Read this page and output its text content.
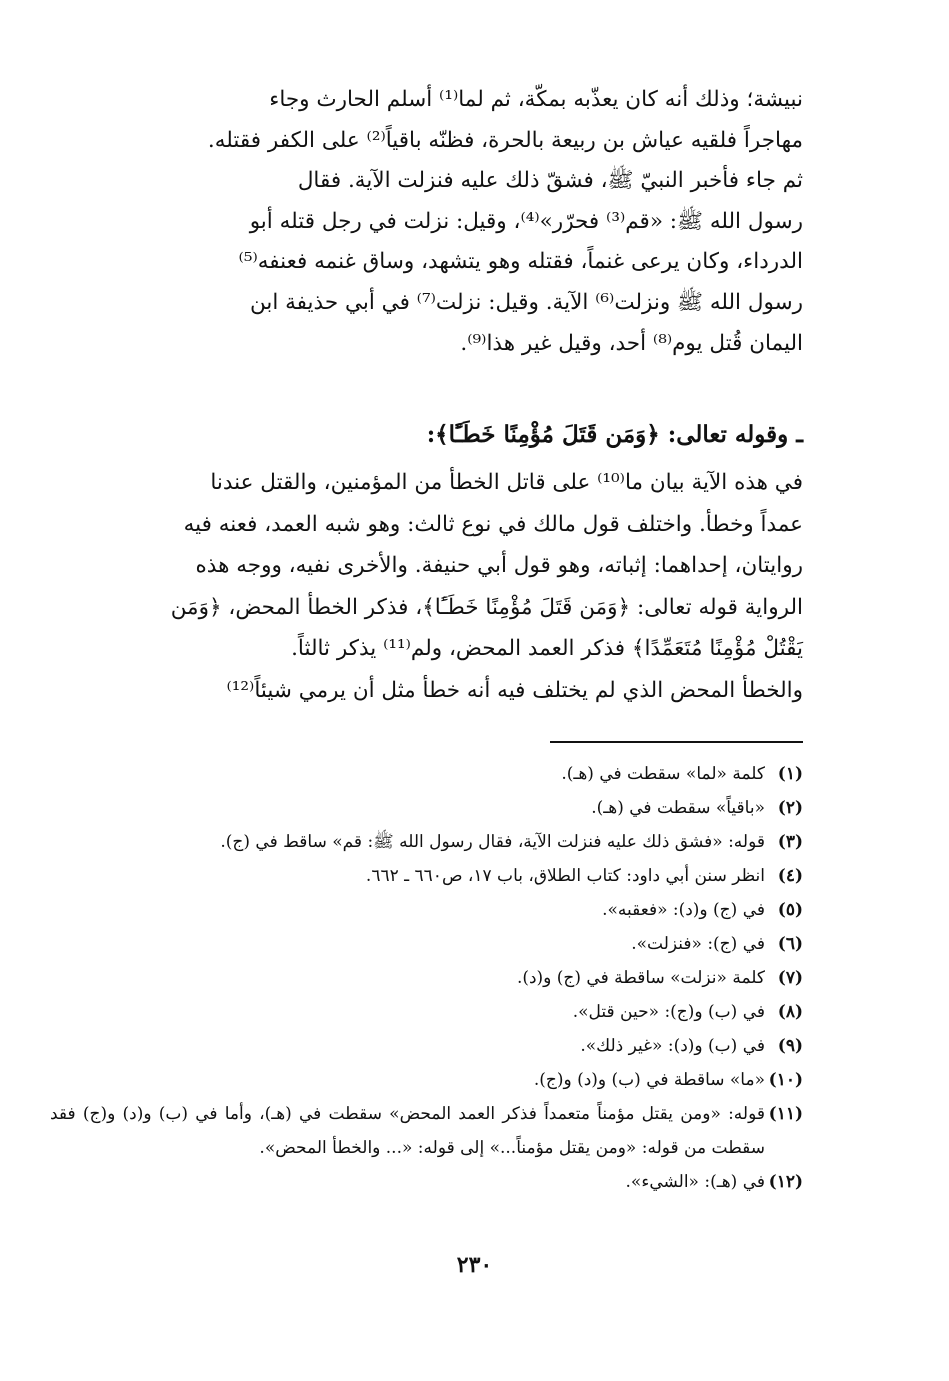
نبيشة؛ وذلك أنه كان يعذّبه بمكّة، ثم لما⁽¹⁾ أسلم الحارث وجاء

مهاجراً فلقيه عياش بن ربيعة بالحرة، فظنّه باقياً⁽²⁾ على الكفر فقتله.

ثم جاء فأخبر النبيّ ﷺ، فشقّ ذلك عليه فنزلت الآية. فقال

رسول الله ﷺ: «قم⁽³⁾ فحرّر»⁽⁴⁾، وقيل: نزلت في رجل قتله أبو

الدرداء، وكان يرعى غنماً، فقتله وهو يتشهد، وساق غنمه فعنفه⁽⁵⁾

رسول الله ﷺ ونزلت⁽⁶⁾ الآية. وقيل: نزلت⁽⁷⁾ في أبي حذيفة ابن

اليمان قُتل يوم⁽⁸⁾ أحد، وقيل غير هذا⁽⁹⁾.

ـ وقوله تعالى: ﴿وَمَن قَتَلَ مُؤْمِنًا خَطَـًٔا﴾:

في هذه الآية بيان ما⁽¹⁰⁾ على قاتل الخطأ من المؤمنين، والقتل عندنا

عمداً وخطأ. واختلف قول مالك في نوع ثالث: وهو شبه العمد، فعنه فيه

روايتان، إحداهما: إثباته، وهو قول أبي حنيفة. والأخرى نفيه، ووجه هذه

الرواية قوله تعالى: ﴿وَمَن قَتَلَ مُؤْمِنًا خَطَـًٔا﴾، فذكر الخطأ المحض، ﴿وَمَن

يَقْتُلْ مُؤْمِنًا مُتَعَمِّدًا﴾ فذكر العمد المحض، ولم⁽¹¹⁾ يذكر ثالثاً.

والخطأ المحض الذي لم يختلف فيه أنه خطأ مثل أن يرمي شيئاً⁽¹²⁾

(١)
كلمة «لما» سقطت في (هـ).
(٢)
«باقياً» سقطت في (هـ).
(٣)
قوله: «فشق ذلك عليه فنزلت الآية، فقال رسول الله ﷺ: قم» ساقط في (ج).
(٤)
انظر سنن أبي داود: كتاب الطلاق، باب ١٧، ص٦٦٠ ـ ٦٦٢.
(٥)
في (ج) و(د): «فعقبه».
(٦)
في (ج): «فنزلت».
(٧)
كلمة «نزلت» ساقطة في (ج) و(د).
(٨)
في (ب) و(ج): «حين قتل».
(٩)
في (ب) و(د): «غير ذلك».
(١٠)
«ما» ساقطة في (ب) و(د) و(ج).
(١١)
قوله: «ومن يقتل مؤمناً متعمداً فذكر العمد المحض» سقطت في (هـ)، وأما في (ب) و(د) و(ج) فقد سقطت من قوله: «ومن يقتل مؤمناً...» إلى قوله: «... والخطأ المحض».
(١٢)
في (هـ): «الشيء».
٢٣٠
